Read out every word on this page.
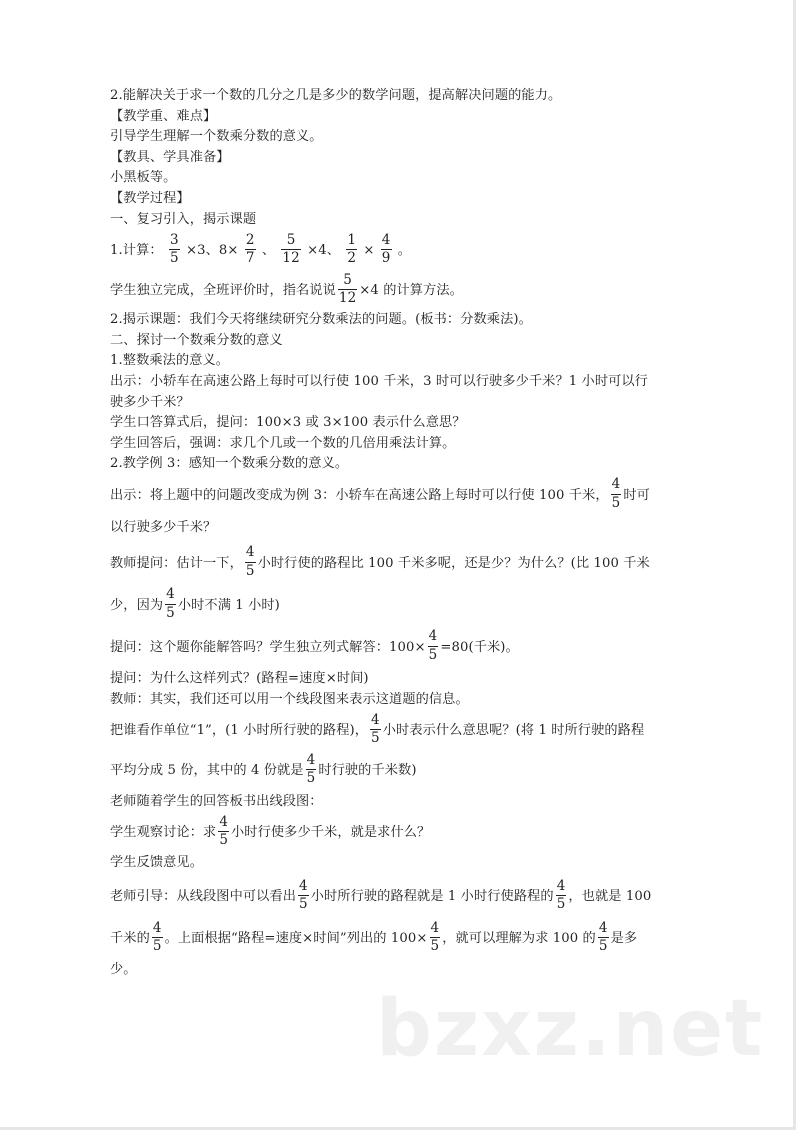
2.能解决关于求一个数的几分之几是多少的数学问题，提高解决问题的能力。
【教学重、难点】
引导学生理解一个数乘分数的意义。
【教具、学具准备】
小黑板等。
【教学过程】
一、复习引入，揭示课题
1.计算： $\frac{3}{5} \times 3$、$8\times \frac{2}{7}$ 、 $\frac{5}{12} \times 4$、 $\frac{1}{2} \times \frac{4}{9}$ 。
学生独立完成，全班评价时，指名说说 $\frac{5}{12} \times 4$ 的计算方法。
2.揭示课题：我们今天将继续研究分数乘法的问题。(板书：分数乘法)。
二、探讨一个数乘分数的意义
1.整数乘法的意义。
出示：小轿车在高速公路上每时可以行使 100 千米，3 时可以行驶多少千米？1 小时可以行
驶多少千米？
学生口答算式后，提问：100×3 或 3×100 表示什么意思？
学生回答后，强调：求几个几或一个数的几倍用乘法计算。
2.教学例 3：感知一个数乘分数的意义。
出示：将上题中的问题改变成为例 3：小轿车在高速公路上每时可以行使 100 千米， $\frac{4}{5}$ 时可
以行驶多少千米？
教师提问：估计一下， $\frac{4}{5}$ 小时行使的路程比 100 千米多呢，还是少？为什么？(比 100 千米
少，因为 $\frac{4}{5}$ 小时不满 1 小时)
提问：这个题你能解答吗？学生独立列式解答：$100\times \frac{4}{5} =80$(千米)。
提问：为什么这样列式？(路程=速度×时间)
教师：其实，我们还可以用一个线段图来表示这道题的信息。
把谁看作单位“1”，(1 小时所行驶的路程)， $\frac{4}{5}$ 小时表示什么意思呢？(将 1 时所行驶的路程
平均分成 5 份，其中的 4 份就是 $\frac{4}{5}$ 时行驶的千米数)
老师随着学生的回答板书出线段图：
学生观察讨论：求 $\frac{4}{5}$ 小时行使多少千米，就是求什么？
学生反馈意见。
老师引导：从线段图中可以看出 $\frac{4}{5}$ 小时所行驶的路程就是 1 小时行使路程的 $\frac{4}{5}$ ，也就是 100
千米的 $\frac{4}{5}$ 。上面根据“路程=速度×时间”列出的 $100\times \frac{4}{5}$ ，就可以理解为求 100 的 $\frac{4}{5}$ 是多
少。
bzxz.net
